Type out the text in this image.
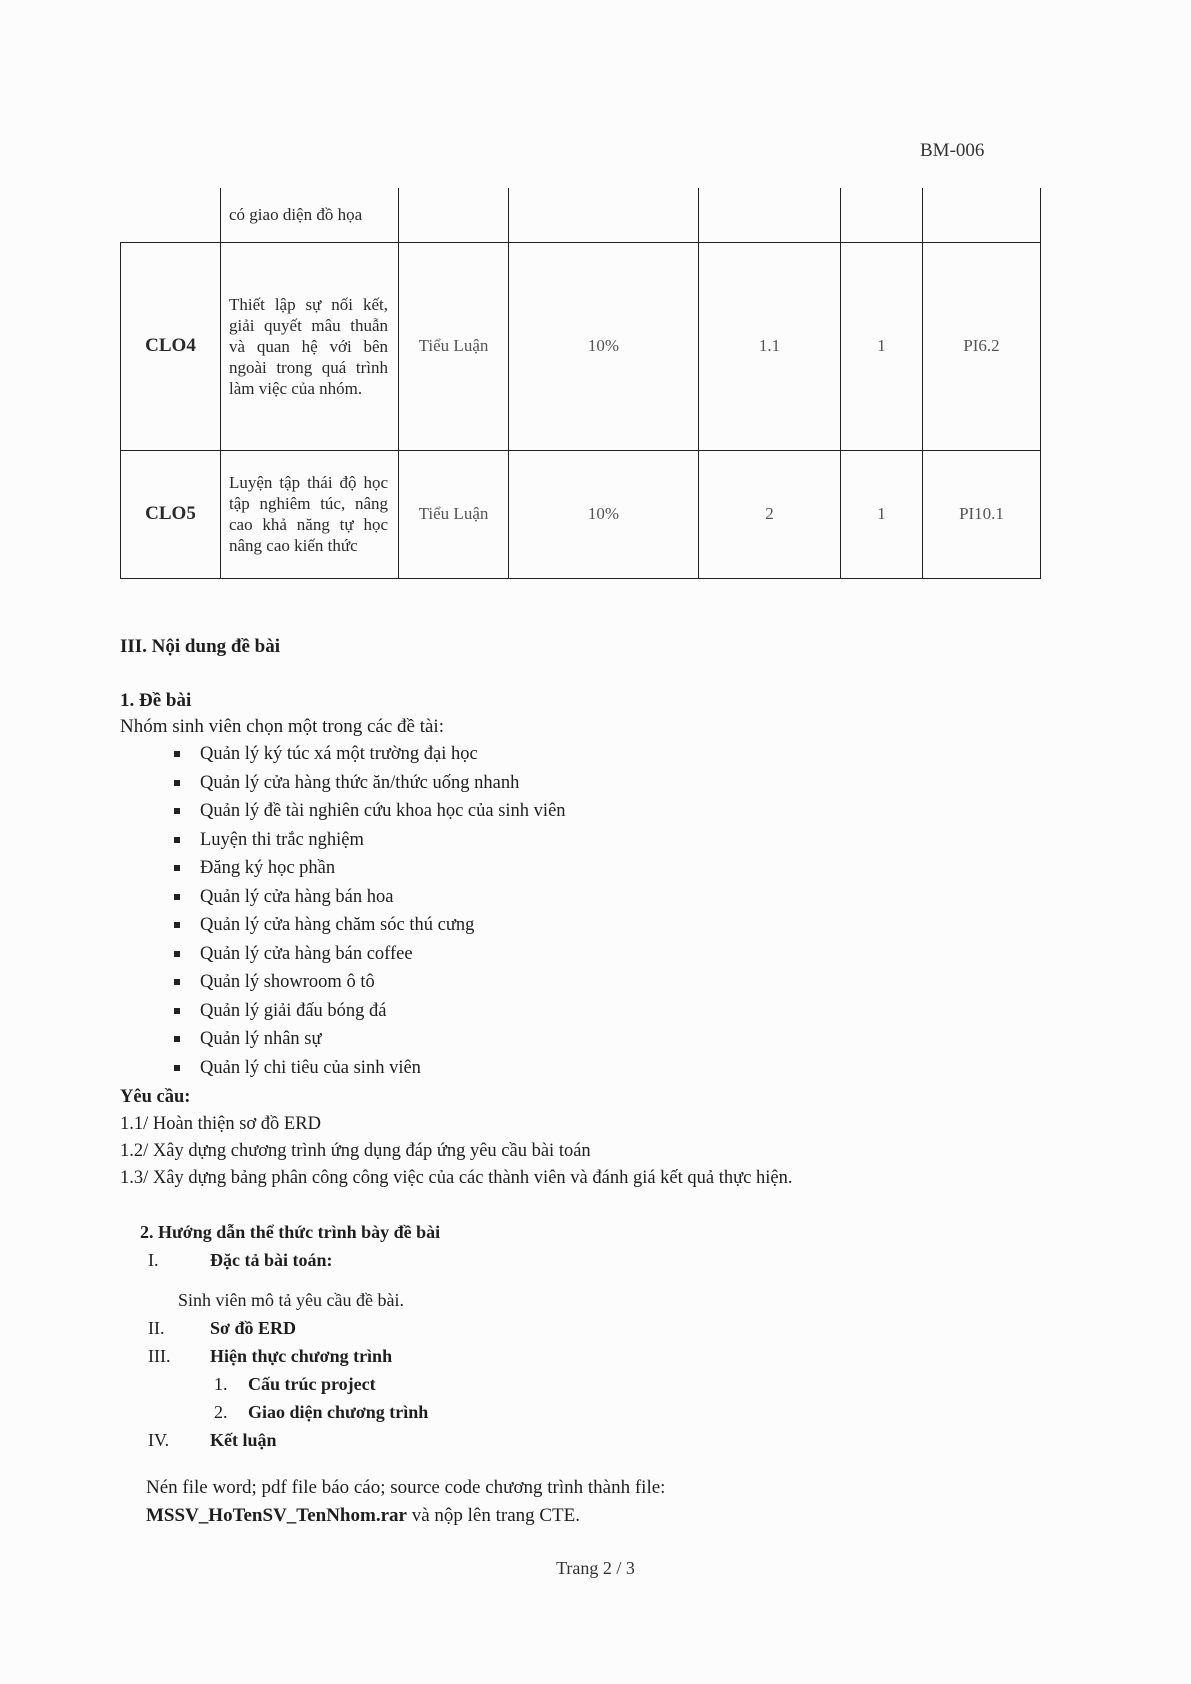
BM-006
	có giao diện đồ họa					
CLO4	Thiết lập sự nối kết, giải quyết mâu thuẫn và quan hệ với bên ngoài trong quá trình làm việc của nhóm.	Tiểu Luận	10%	1.1	1	PI6.2
CLO5	Luyện tập thái độ học tập nghiêm túc, nâng cao khả năng tự học nâng cao kiến thức	Tiểu Luận	10%	2	1	PI10.1
III. Nội dung đề bài
1. Đề bài
Nhóm sinh viên chọn một trong các đề tài:
Quản lý ký túc xá một trường đại học
Quản lý cửa hàng thức ăn/thức uống nhanh
Quản lý đề tài nghiên cứu khoa học của sinh viên
Luyện thi trắc nghiệm
Đăng ký học phần
Quản lý cửa hàng bán hoa
Quản lý cửa hàng chăm sóc thú cưng
Quản lý cửa hàng bán coffee
Quản lý showroom ô tô
Quản lý giải đấu bóng đá
Quản lý nhân sự
Quản lý chi tiêu của sinh viên
Yêu cầu:
1.1/ Hoàn thiện sơ đồ ERD
1.2/ Xây dựng chương trình ứng dụng đáp ứng yêu cầu bài toán
1.3/ Xây dựng bảng phân công công việc của các thành viên và đánh giá kết quả thực hiện.
2. Hướng dẫn thể thức trình bày đề bài
I.	Đặc tả bài toán:
Sinh viên mô tả yêu cầu đề bài.
II.	Sơ đồ ERD
III.	Hiện thực chương trình
1. Cấu trúc project
2. Giao diện chương trình
IV.	Kết luận
Nén file word; pdf file báo cáo; source code chương trình thành file:
MSSV_HoTenSV_TenNhom.rar và nộp lên trang CTE.
Trang 2 / 3
